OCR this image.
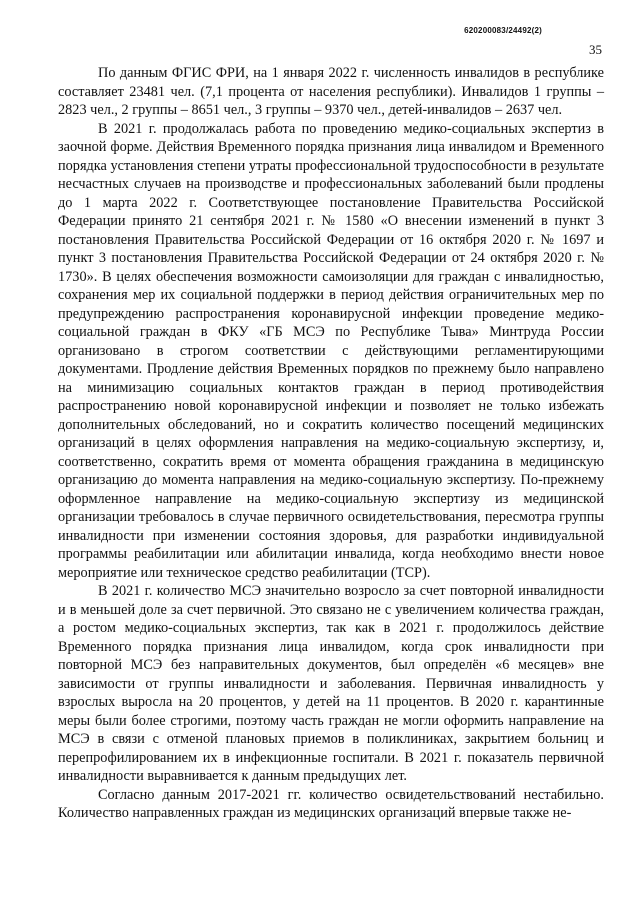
620200083/24492(2)
35

По данным ФГИС ФРИ, на 1 января 2022 г. численность инвалидов в республике составляет 23481 чел. (7,1 процента от населения республики). Инвалидов 1 группы – 2823 чел., 2 группы – 8651 чел., 3 группы – 9370 чел., детей-инвалидов – 2637 чел.

В 2021 г. продолжалась работа по проведению медико-социальных экспертиз в заочной форме. Действия Временного порядка признания лица инвалидом и Временного порядка установления степени утраты профессиональной трудоспособности в результате несчастных случаев на производстве и профессиональных заболеваний были продлены до 1 марта 2022 г. Соответствующее постановление Правительства Российской Федерации принято 21 сентября 2021 г. № 1580 «О внесении изменений в пункт 3 постановления Правительства Российской Федерации от 16 октября 2020 г. № 1697 и пункт 3 постановления Правительства Российской Федерации от 24 октября 2020 г. № 1730». В целях обеспечения возможности самоизоляции для граждан с инвалидностью, сохранения мер их социальной поддержки в период действия ограничительных мер по предупреждению распространения коронавирусной инфекции проведение медико-социальной граждан в ФКУ «ГБ МСЭ по Республике Тыва» Минтруда России организовано в строгом соответствии с действующими регламентирующими документами. Продление действия Временных порядков по прежнему было направлено на минимизацию социальных контактов граждан в период противодействия распространению новой коронавирусной инфекции и позволяет не только избежать дополнительных обследований, но и сократить количество посещений медицинских организаций в целях оформления направления на медико-социальную экспертизу, и, соответственно, сократить время от момента обращения гражданина в медицинскую организацию до момента направления на медико-социальную экспертизу. По-прежнему оформленное направление на медико-социальную экспертизу из медицинской организации требовалось в случае первичного освидетельствования, пересмотра группы инвалидности при изменении состояния здоровья, для разработки индивидуальной программы реабилитации или абилитации инвалида, когда необходимо внести новое мероприятие или техническое средство реабилитации (ТСР).

В 2021 г. количество МСЭ значительно возросло за счет повторной инвалидности и в меньшей доле за счет первичной. Это связано не с увеличением количества граждан, а ростом медико-социальных экспертиз, так как в 2021 г. продолжилось действие Временного порядка признания лица инвалидом, когда срок инвалидности при повторной МСЭ без направительных документов, был определён «6 месяцев» вне зависимости от группы инвалидности и заболевания. Первичная инвалидность у взрослых выросла на 20 процентов, у детей на 11 процентов. В 2020 г. карантинные меры были более строгими, поэтому часть граждан не могли оформить направление на МСЭ в связи с отменой плановых приемов в поликлиниках, закрытием больниц и перепрофилированием их в инфекционные госпитали. В 2021 г. показатель первичной инвалидности выравнивается к данным предыдущих лет.

Согласно данным 2017-2021 гг. количество освидетельствований нестабильно. Количество направленных граждан из медицинских организаций впервые также не-
